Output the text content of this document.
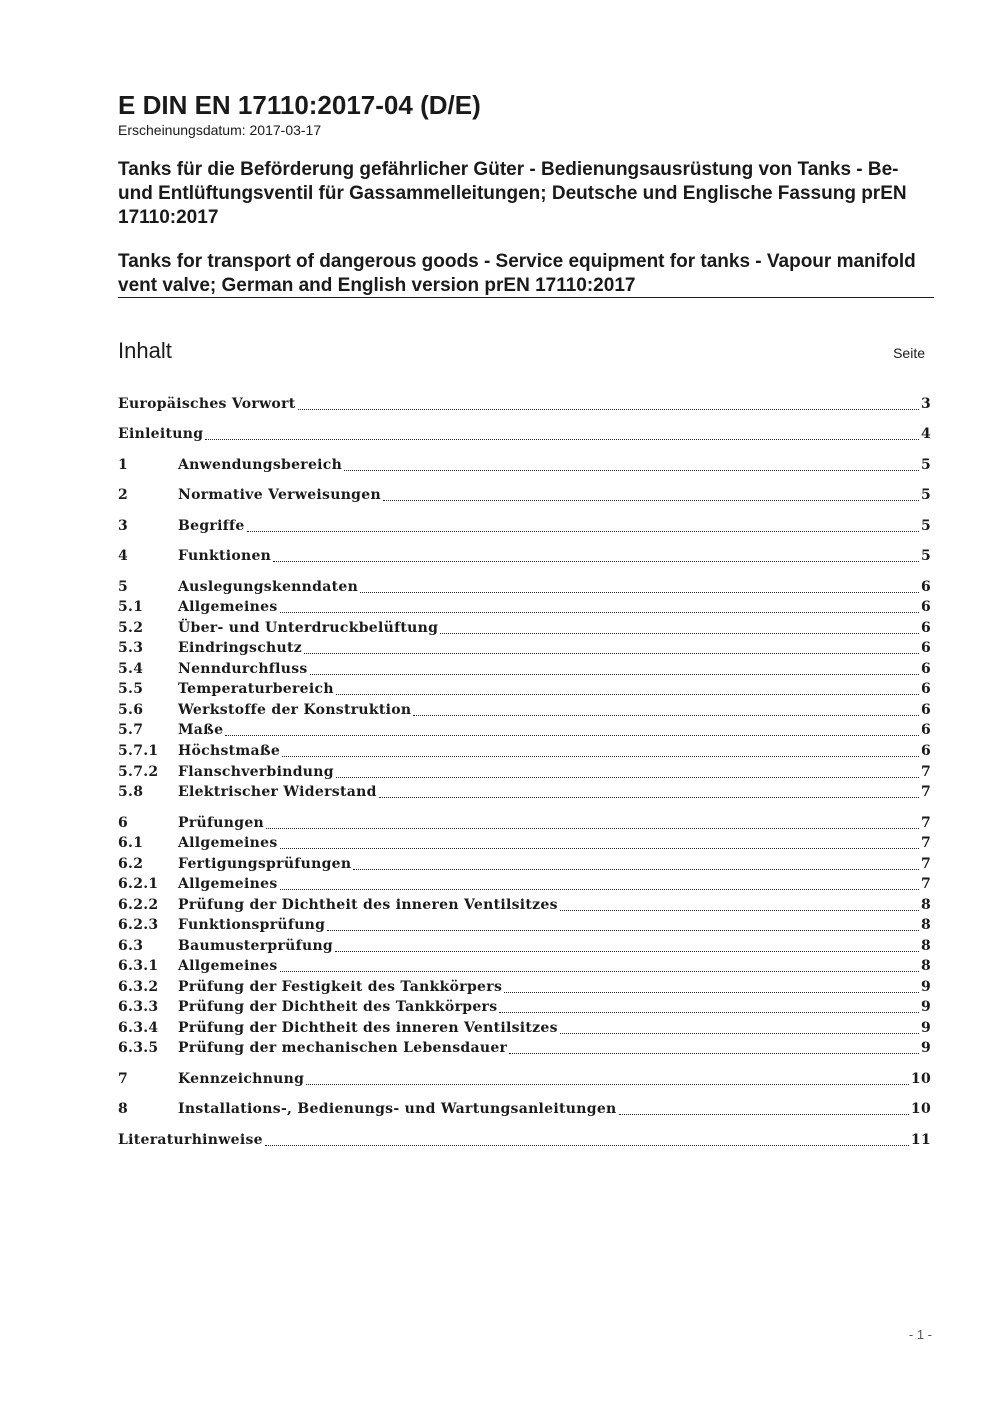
E DIN EN 17110:2017-04 (D/E)
Erscheinungsdatum: 2017-03-17
Tanks für die Beförderung gefährlicher Güter - Bedienungsausrüstung von Tanks - Be- und Entlüftungsventil für Gassammelleitungen; Deutsche und Englische Fassung prEN 17110:2017
Tanks for transport of dangerous goods - Service equipment for tanks - Vapour manifold vent valve; German and English version prEN 17110:2017
Inhalt	Seite
Europäisches Vorwort	3
Einleitung	4
1	Anwendungsbereich	5
2	Normative Verweisungen	5
3	Begriffe	5
4	Funktionen	5
5	Auslegungskenndaten	6
5.1	Allgemeines	6
5.2	Über- und Unterdruckbelüftung	6
5.3	Eindringschutz	6
5.4	Nenndurchfluss	6
5.5	Temperaturbereich	6
5.6	Werkstoffe der Konstruktion	6
5.7	Maße	6
5.7.1	Höchstmaße	6
5.7.2	Flanschverbindung	7
5.8	Elektrischer Widerstand	7
6	Prüfungen	7
6.1	Allgemeines	7
6.2	Fertigungsprüfungen	7
6.2.1	Allgemeines	7
6.2.2	Prüfung der Dichtheit des inneren Ventilsitzes	8
6.2.3	Funktionsprüfung	8
6.3	Baumusterprüfung	8
6.3.1	Allgemeines	8
6.3.2	Prüfung der Festigkeit des Tankkörpers	9
6.3.3	Prüfung der Dichtheit des Tankkörpers	9
6.3.4	Prüfung der Dichtheit des inneren Ventilsitzes	9
6.3.5	Prüfung der mechanischen Lebensdauer	9
7	Kennzeichnung	10
8	Installations-, Bedienungs- und Wartungsanleitungen	10
Literaturhinweise	11
- 1 -
